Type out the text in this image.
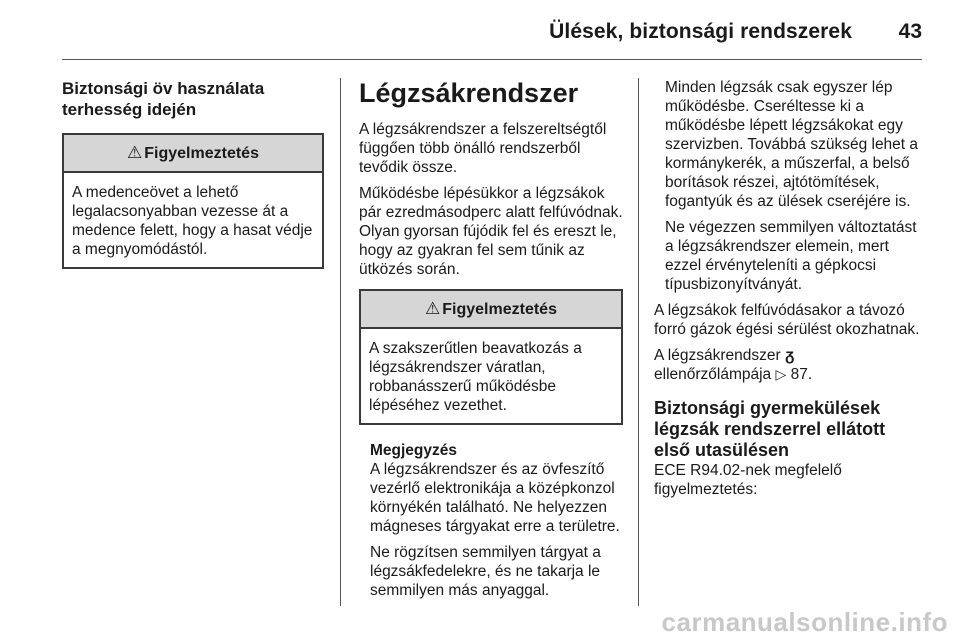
Ülések, biztonsági rendszerek 43
Biztonsági öv használata terhesség idején
⚠ Figyelmeztetés
A medenceövet a lehető legalacsonyabban vezesse át a medence felett, hogy a hasat védje a megnyomódástól.
Légzsákrendszer

A légzsákrendszer a felszereltségtől függően több önálló rendszerből tevődik össze.

Működésbe lépésükkor a légzsákok pár ezredmásodperc alatt felfúvódnak. Olyan gyorsan fújódik fel és ereszt le, hogy az gyakran fel sem tűnik az ütközés során.

⚠ Figyelmeztetés
A szakszerűtlen beavatkozás a légzsákrendszer váratlan, robbanásszerű működésbe lépéséhez vezethet.
Megjegyzés

A légzsákrendszer és az övfeszítő vezérlő elektronikája a középkonzol környékén található. Ne helyezzen mágneses tárgyakat erre a területre.

Ne rögzítsen semmilyen tárgyat a légzsákfedelekre, és ne takarja le semmilyen más anyaggal.

Minden légzsák csak egyszer lép működésbe. Cseréltesse ki a működésbe lépett légzsákokat egy szervizben. Továbbá szükség lehet a kormánykerék, a műszerfal, a belső borítások részei, ajtótömítések, fogantyúk és az ülések cseréjére is.

Ne végezzen semmilyen változtatást a légzsákrendszer elemein, mert ezzel érvényteleníti a gépkocsi típusbizonyítványát.

A légzsákok felfúvódásakor a távozó forró gázok égési sérülést okozhatnak.

A légzsákrendszer ᵹ
ellenőrzőlámpája ▷ 87.

Biztonsági gyermekülések légzsák rendszerrel ellátott első utasülésen

ECE R94.02-nek megfelelő figyelmeztetés:

carmanualsonline.info
